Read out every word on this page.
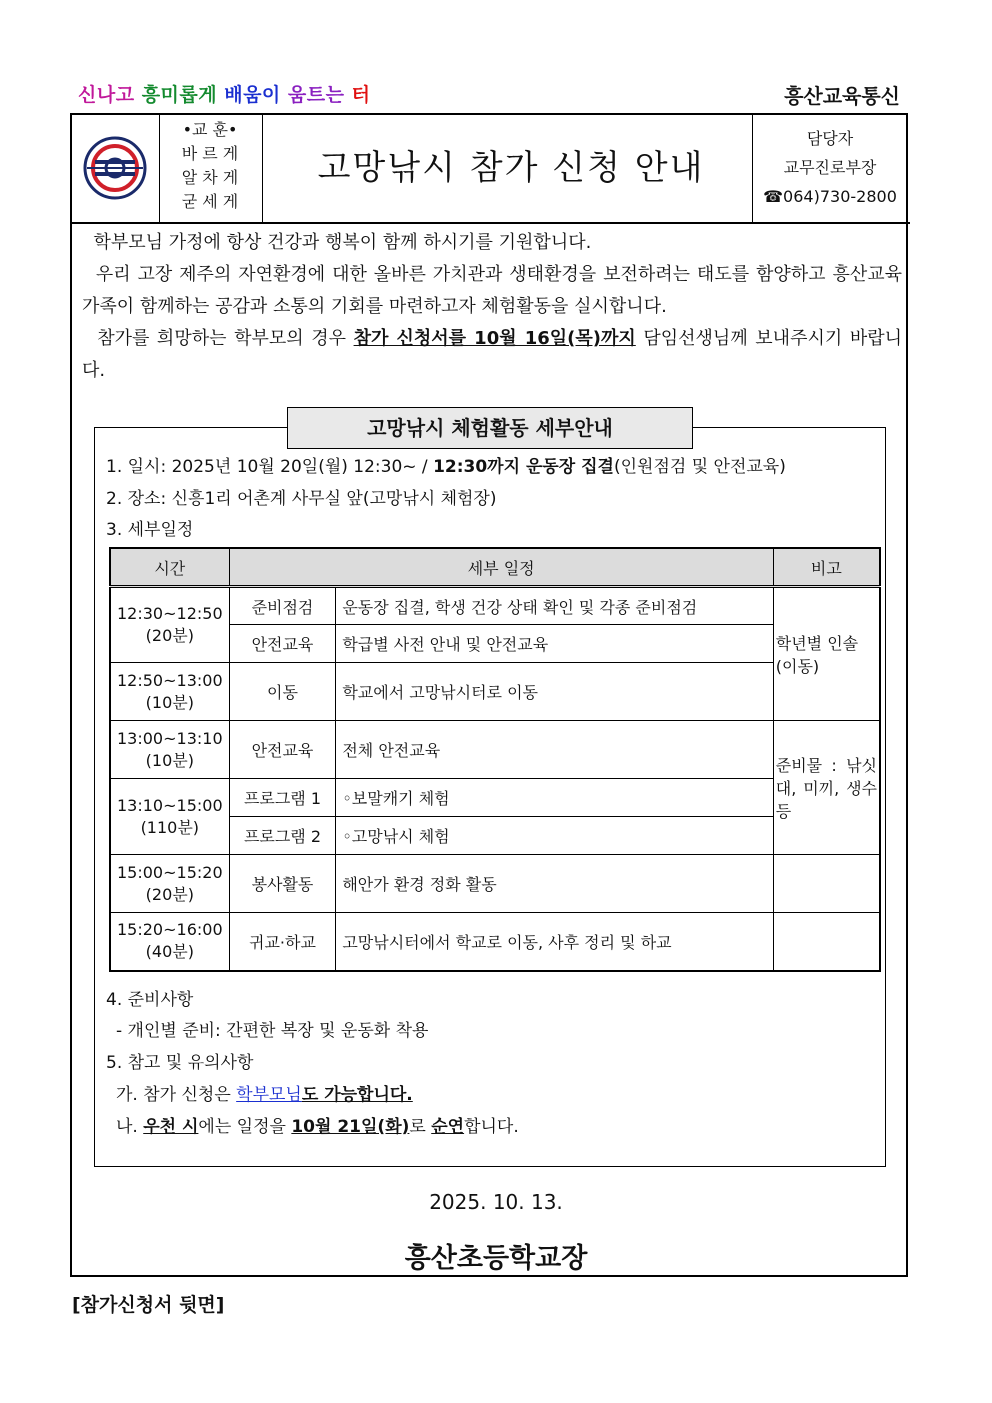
신나고 흥미롭게 배움이 움트는 터	흥산교육통신
•교 훈•
바 르 게
알 차 게
굳 세 게
고망낚시 참가 신청 안내
담당자
교무진로부장
☎064)730-2800
학부모님 가정에 항상 건강과 행복이 함께 하시기를 기원합니다.
우리 고장 제주의 자연환경에 대한 올바른 가치관과 생태환경을 보전하려는 태도를 함양하고 흥산교육가족이 함께하는 공감과 소통의 기회를 마련하고자 체험활동을 실시합니다.
참가를 희망하는 학부모의 경우 참가 신청서를 10월 16일(목)까지 담임선생님께 보내주시기 바랍니다.
고망낚시 체험활동 세부안내
1. 일시: 2025년 10월 20일(월) 12:30~ / 12:30까지 운동장 집결(인원점검 및 안전교육)
2. 장소: 신흥1리 어촌계 사무실 앞(고망낚시 체험장)
3. 세부일정
시간	세부 일정		비고

12:30~12:50
(20분)	준비점검	운동장 집결, 학생 건강 상태 확인 및 각종 준비점검	학년별 인솔(이동)
	안전교육	학급별 사전 안내 및 안전교육	

12:50~13:00
(10분)	이동	학교에서 고망낚시터로 이동	

13:00~13:10
(10분)	안전교육	전체 안전교육	준비물 : 낚싯대, 미끼, 생수 등

13:10~15:00
(110분)	프로그램 1	◦보말캐기 체험	
	프로그램 2	◦고망낚시 체험	

15:00~15:20
(20분)	봉사활동	해안가 환경 정화 활동	

15:20~16:00
(40분)	귀교·하교	고망낚시터에서 학교로 이동, 사후 정리 및 하교	
4. 준비사항
- 개인별 준비: 간편한 복장 및 운동화 착용
5. 참고 및 유의사항
가. 참가 신청은 학부모님도 가능합니다.
나. 우천 시에는 일정을 10월 21일(화)로 순연합니다.
2025. 10. 13.
흥산초등학교장
[참가신청서 뒷면]
